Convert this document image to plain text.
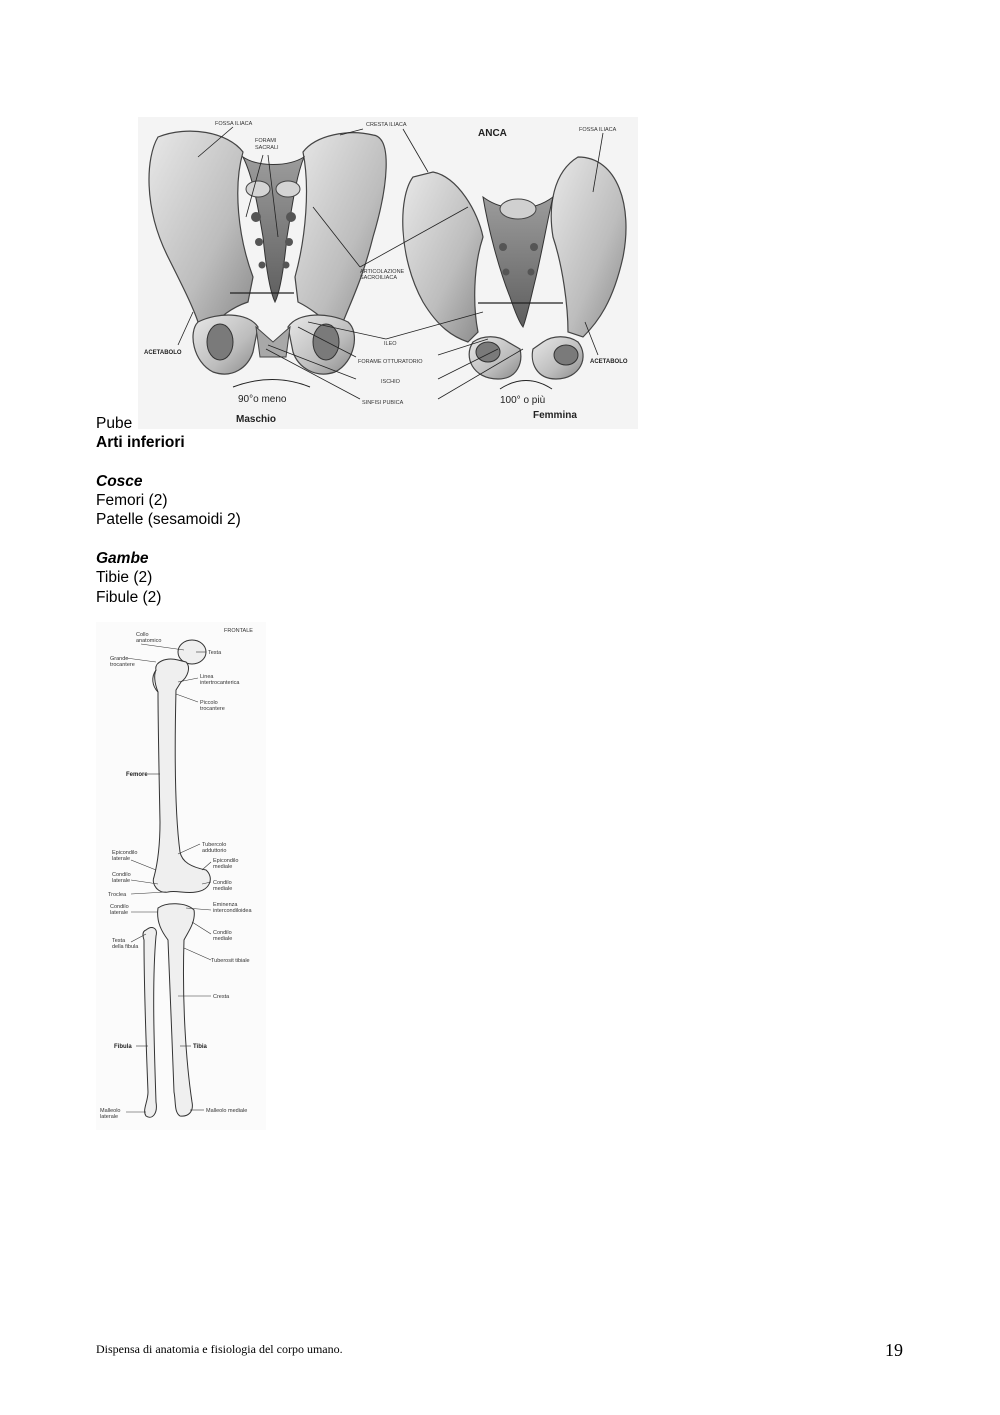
FOSSA ILIACA	CRESTA ILIACA
ANCA	FOSSA ILIACA
FORAMI
SACRALI
ARTICOLAZIONE
SACROILIACA
ACETABOLO
ACETABOLO
ILEO
FORAME OTTURATORIO
ISCHIO
SINFISI PUBICA
90°o meno	100° o più
Maschio	Femmina
Pube
Arti inferiori
Cosce
Femori (2)
Patelle (sesamoidi 2)
Gambe
Tibie (2)
Fibule (2)
FRONTALE
Collo
anatomico
Testa
Grande
trocantere
Linea
intertrocanterica
Piccolo
trocantere
Femore
Tubercolo
adduttorio
Epicondilo
laterale	Epicondilo
mediale
Condilo
laterale	Condilo
mediale
Troclea
Condilo
laterale
Eminenza
intercondiloidea
Condilo
mediale
Testa
della fibula
Tuberosit tibiale
Cresta
Fibula	Tibia
Malleolo
laterale
Malleolo mediale
Dispensa di anatomia e fisiologia del corpo umano.	19
